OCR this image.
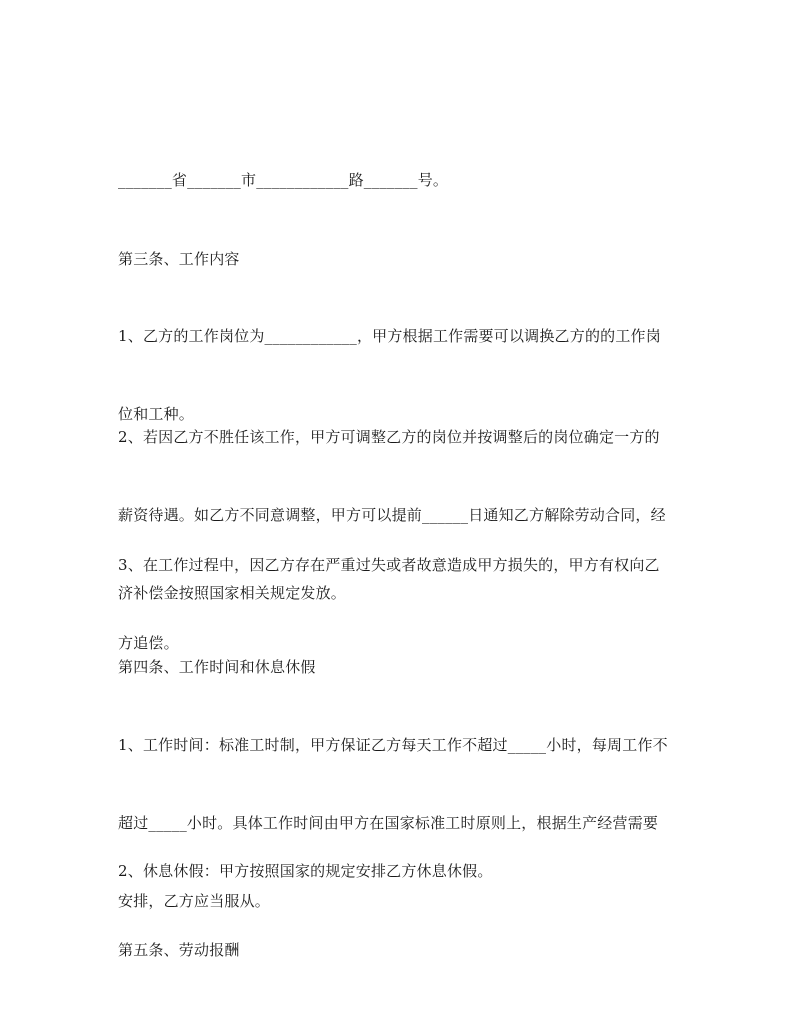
_______省_______市____________路_______号。

第三条、工作内容

1、乙方的工作岗位为____________，甲方根据工作需要可以调换乙方的的工作岗

位和工种。

2、若因乙方不胜任该工作，甲方可调整乙方的岗位并按调整后的岗位确定一方的

薪资待遇。如乙方不同意调整，甲方可以提前______日通知乙方解除劳动合同，经

济补偿金按照国家相关规定发放。

3、在工作过程中，因乙方存在严重过失或者故意造成甲方损失的，甲方有权向乙

方追偿。

第四条、工作时间和休息休假

1、工作时间：标准工时制，甲方保证乙方每天工作不超过_____小时，每周工作不

超过_____小时。具体工作时间由甲方在国家标准工时原则上，根据生产经营需要

安排，乙方应当服从。

2、休息休假：甲方按照国家的规定安排乙方休息休假。

第五条、劳动报酬
